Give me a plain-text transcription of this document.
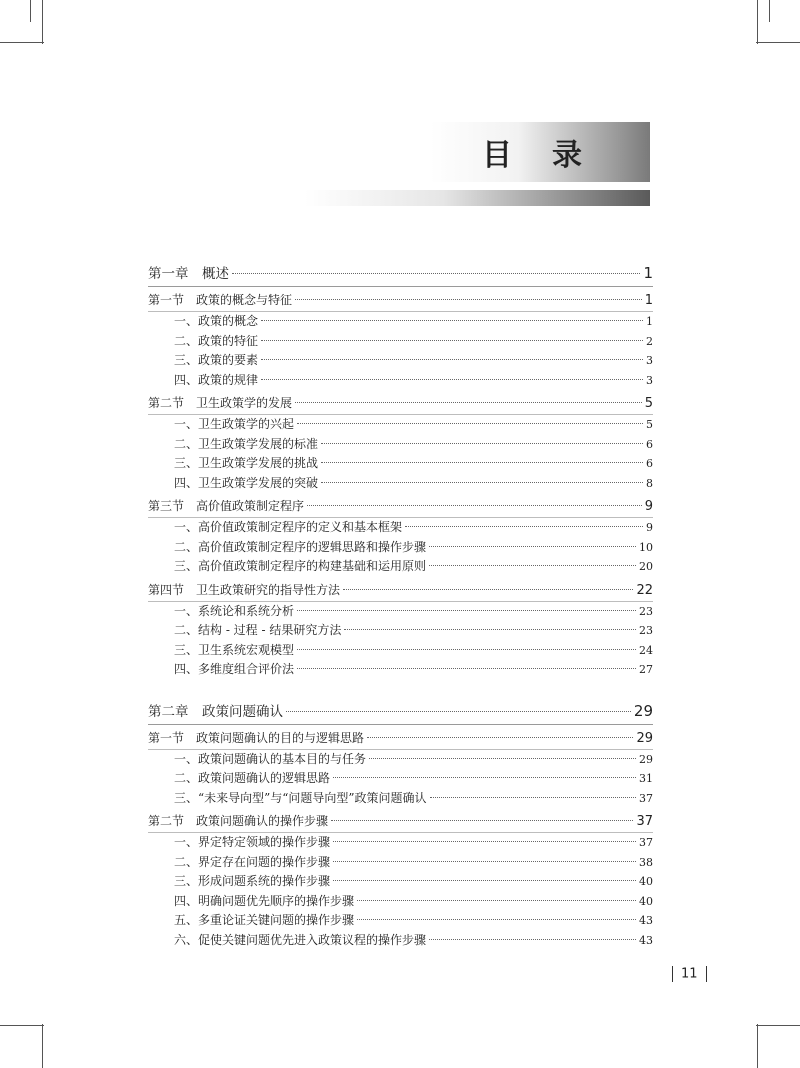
目录
第一章　概述	1
第一节　政策的概念与特征	1
一、政策的概念	1
二、政策的特征	2
三、政策的要素	3
四、政策的规律	3
第二节　卫生政策学的发展	5
一、卫生政策学的兴起	5
二、卫生政策学发展的标准	6
三、卫生政策学发展的挑战	6
四、卫生政策学发展的突破	8
第三节　高价值政策制定程序	9
一、高价值政策制定程序的定义和基本框架	9
二、高价值政策制定程序的逻辑思路和操作步骤	10
三、高价值政策制定程序的构建基础和运用原则	20
第四节　卫生政策研究的指导性方法	22
一、系统论和系统分析	23
二、结构 - 过程 - 结果研究方法	23
三、卫生系统宏观模型	24
四、多维度组合评价法	27
第二章　政策问题确认	29
第一节　政策问题确认的目的与逻辑思路	29
一、政策问题确认的基本目的与任务	29
二、政策问题确认的逻辑思路	31
三、“未来导向型”与“问题导向型”政策问题确认	37
第二节　政策问题确认的操作步骤	37
一、界定特定领域的操作步骤	37
二、界定存在问题的操作步骤	38
三、形成问题系统的操作步骤	40
四、明确问题优先顺序的操作步骤	40
五、多重论证关键问题的操作步骤	43
六、促使关键问题优先进入政策议程的操作步骤	43
11
